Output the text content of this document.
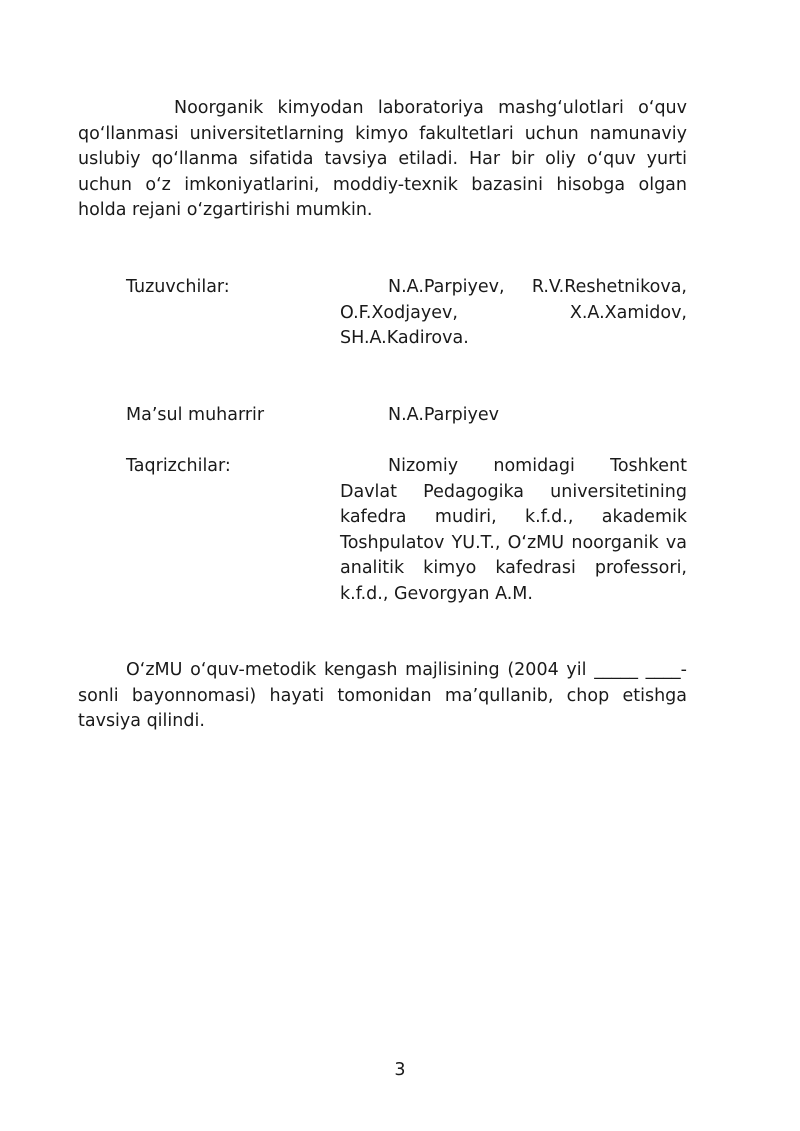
Noorganik kimyodan laboratoriya mashg‘ulotlari o‘quv qo‘llanmasi universitetlarning kimyo fakultetlari uchun namunaviy uslubiy qo‘llanma sifatida tavsiya etiladi. Har bir oliy o‘quv yurti uchun o‘z imkoniyatlarini, moddiy-texnik bazasini hisobga olgan holda rejani o‘zgartirishi mumkin.

Tuzuvchilar:	N.A.Parpiyev, R.V.Reshetnikova, O.F.Xodjayev, X.A.Xamidov, SH.A.Kadirova.
Ma’sul muharrir	N.A.Parpiyev
Taqrizchilar:	Nizomiy nomidagi Toshkent Davlat Pedagogika universitetining kafedra mudiri, k.f.d., akademik Toshpulatov YU.T., O‘zMU noorganik va analitik kimyo kafedrasi professori, k.f.d., Gevorgyan A.M.

O‘zMU o‘quv-metodik kengash majlisining (2004 yil _____ ____-sonli bayonnomasi) hayati tomonidan ma’qullanib, chop etishga tavsiya qilindi.

3
